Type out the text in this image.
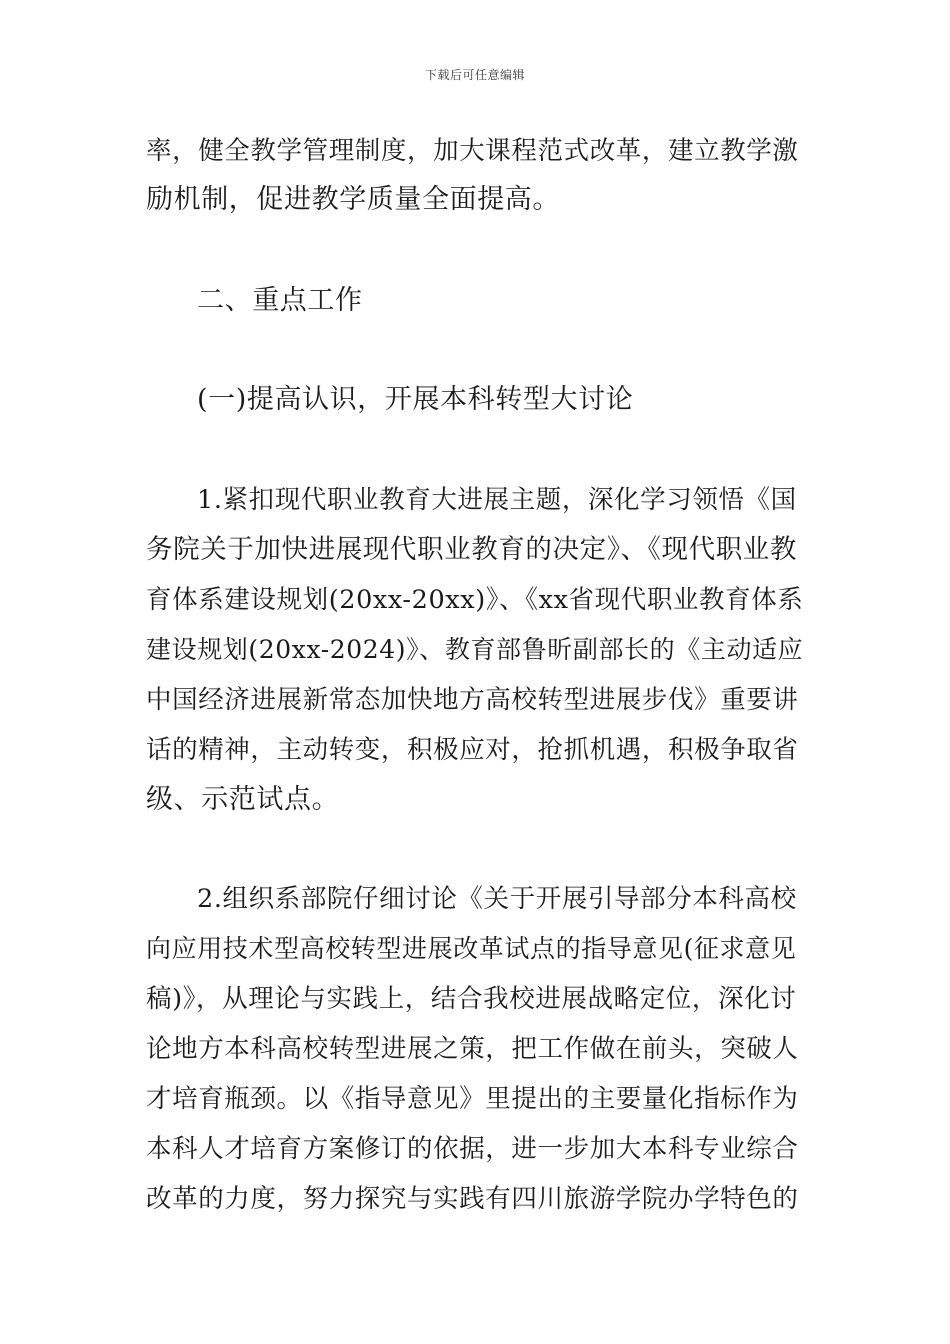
下载后可任意编辑
率，健全教学管理制度，加大课程范式改革，建立教学激
励机制，促进教学质量全面提高。
二、重点工作
(一)提高认识，开展本科转型大讨论
1.紧扣现代职业教育大进展主题，深化学习领悟《国
务院关于加快进展现代职业教育的决定》、《现代职业教
育体系建设规划(20xx-20xx)》、《xx省现代职业教育体系
建设规划(20xx-2024)》、教育部鲁昕副部长的《主动适应
中国经济进展新常态加快地方高校转型进展步伐》重要讲
话的精神，主动转变，积极应对，抢抓机遇，积极争取省
级、示范试点。
2.组织系部院仔细讨论《关于开展引导部分本科高校
向应用技术型高校转型进展改革试点的指导意见(征求意见
稿)》，从理论与实践上，结合我校进展战略定位，深化讨
论地方本科高校转型进展之策，把工作做在前头，突破人
才培育瓶颈。以《指导意见》里提出的主要量化指标作为
本科人才培育方案修订的依据，进一步加大本科专业综合
改革的力度，努力探究与实践有四川旅游学院办学特色的
